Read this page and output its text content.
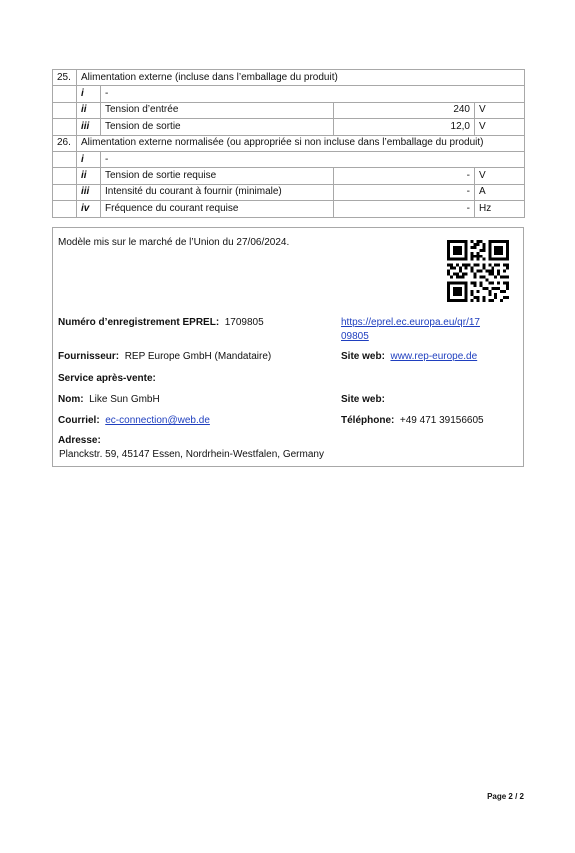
25.	Alimentation externe (incluse dans l’emballage du produit)			
	i	-		
	ii	Tension d’entrée	240	V
	iii	Tension de sortie	12,0	V
26.	Alimentation externe normalisée (ou appropriée si non incluse dans l’emballage du produit)			
	i	-		
	ii	Tension de sortie requise	-	V
	iii	Intensité du courant à fournir (minimale)	-	A
	iv	Fréquence du courant requise	-	Hz
Modèle mis sur le marché de l’Union du 27/06/2024.
Numéro d’enregistrement EPREL: 1709805	https://eprel.ec.europa.eu/qr/17
09805
Fournisseur: REP Europe GmbH (Mandataire)	Site web: www.rep-europe.de
Service après-vente:
Nom: Like Sun GmbH	Site web:
Courriel: ec-connection@web.de	Téléphone: +49 471 39156605
Adresse:
Planckstr. 59, 45147 Essen, Nordrhein-Westfalen, Germany
Page 2 / 2
